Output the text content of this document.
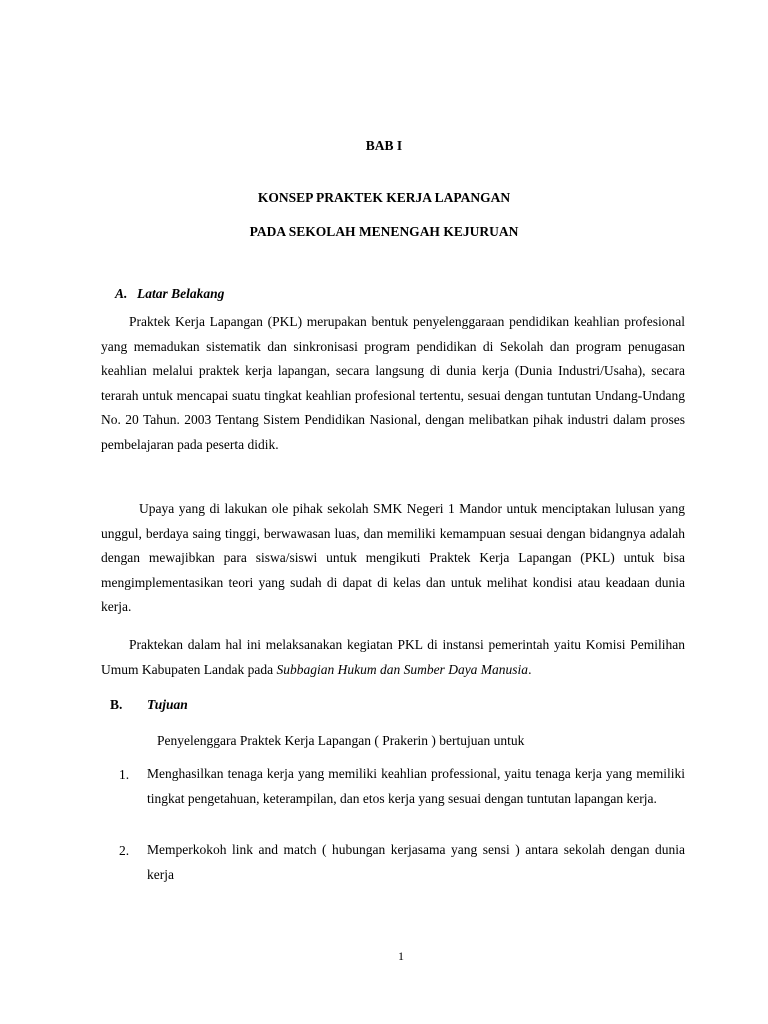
BAB I

KONSEP PRAKTEK KERJA LAPANGAN

PADA SEKOLAH MENENGAH KEJURUAN

A. Latar Belakang

Praktek Kerja Lapangan (PKL) merupakan bentuk penyelenggaraan pendidikan keahlian profesional yang memadukan sistematik dan sinkronisasi program pendidikan di Sekolah dan program penugasan keahlian melalui praktek kerja lapangan, secara langsung di dunia kerja (Dunia Industri/Usaha), secara terarah untuk mencapai suatu tingkat keahlian profesional tertentu, sesuai dengan tuntutan Undang-Undang No. 20 Tahun. 2003 Tentang Sistem Pendidikan Nasional, dengan melibatkan pihak industri dalam proses pembelajaran pada peserta didik.

Upaya yang di lakukan ole pihak sekolah SMK Negeri 1 Mandor untuk menciptakan lulusan yang unggul, berdaya saing tinggi, berwawasan luas, dan memiliki kemampuan sesuai dengan bidangnya adalah dengan mewajibkan para siswa/siswi untuk mengikuti Praktek Kerja Lapangan (PKL) untuk bisa mengimplementasikan teori yang sudah di dapat di kelas dan untuk melihat kondisi atau keadaan dunia kerja.

Praktekan dalam hal ini melaksanakan kegiatan PKL di instansi pemerintah yaitu Komisi Pemilihan Umum Kabupaten Landak pada Subbagian Hukum dan Sumber Daya Manusia.

B. Tujuan

Penyelenggara Praktek Kerja Lapangan ( Prakerin ) bertujuan untuk

1. Menghasilkan tenaga kerja yang memiliki keahlian professional, yaitu tenaga kerja yang memiliki tingkat pengetahuan, keterampilan, dan etos kerja yang sesuai dengan tuntutan lapangan kerja.

2. Memperkokoh link and match ( hubungan kerjasama yang sensi ) antara sekolah dengan dunia kerja

1
